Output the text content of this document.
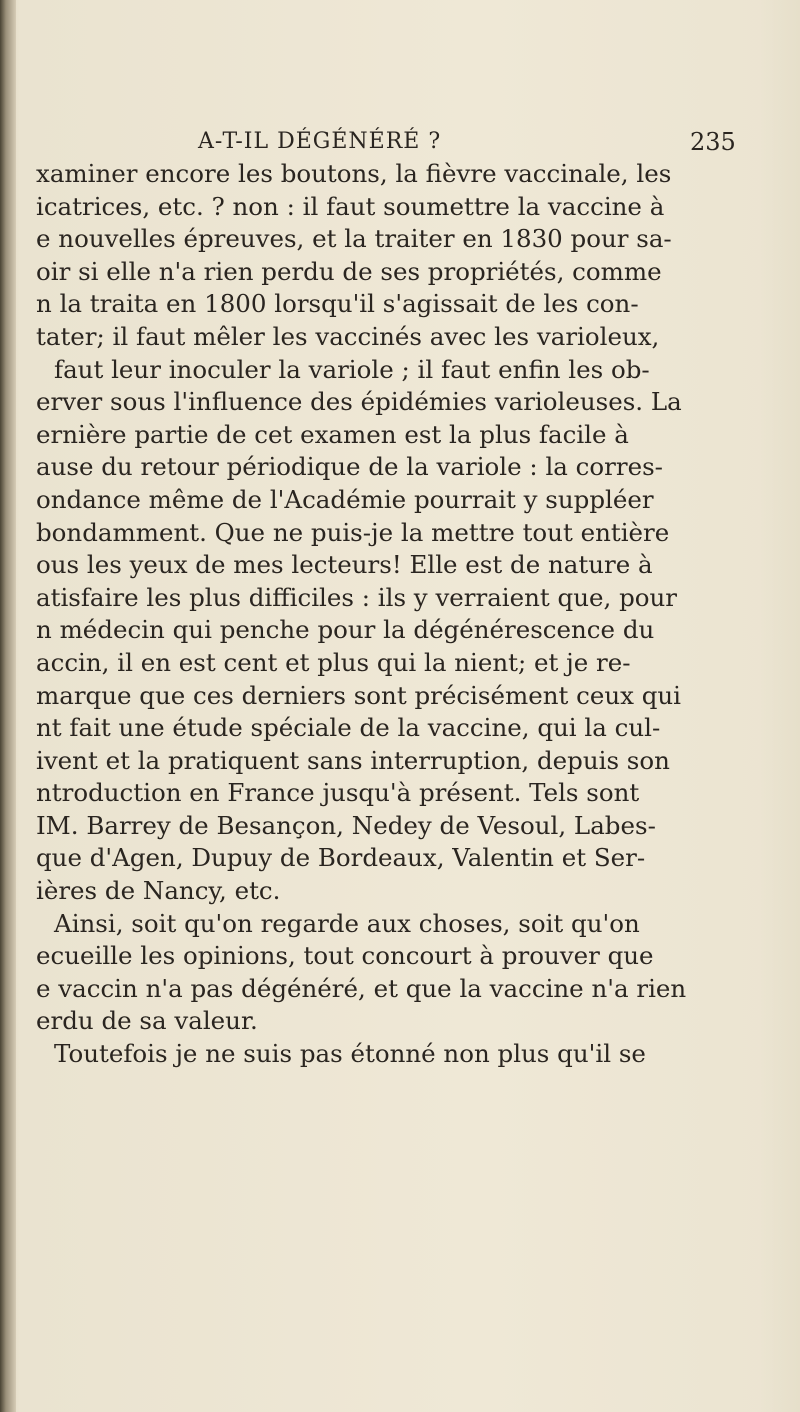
A-T-IL DÉGÉNÉRÉ ?	235
xaminer encore les boutons, la fièvre vaccinale, les
icatrices, etc. ? non : il faut soumettre la vaccine à
e nouvelles épreuves, et la traiter en 1830 pour sa-
oir si elle n'a rien perdu de ses propriétés, comme
n la traita en 1800 lorsqu'il s'agissait de les con-
tater; il faut mêler les vaccinés avec les varioleux,
faut leur inoculer la variole ; il faut enfin les ob-
erver sous l'influence des épidémies varioleuses. La
ernière partie de cet examen est la plus facile à
ause du retour périodique de la variole : la corres-
ondance même de l'Académie pourrait y suppléer
bondamment. Que ne puis-je la mettre tout entière
ous les yeux de mes lecteurs! Elle est de nature à
atisfaire les plus difficiles : ils y verraient que, pour
n médecin qui penche pour la dégénérescence du
accin, il en est cent et plus qui la nient; et je re-
marque que ces derniers sont précisément ceux qui
nt fait une étude spéciale de la vaccine, qui la cul-
ivent et la pratiquent sans interruption, depuis son
ntroduction en France jusqu'à présent. Tels sont
IM. Barrey de Besançon, Nedey de Vesoul, Labes-
que d'Agen, Dupuy de Bordeaux, Valentin et Ser-
ières de Nancy, etc.
Ainsi, soit qu'on regarde aux choses, soit qu'on
ecueille les opinions, tout concourt à prouver que
e vaccin n'a pas dégénéré, et que la vaccine n'a rien
erdu de sa valeur.
Toutefois je ne suis pas étonné non plus qu'il se
